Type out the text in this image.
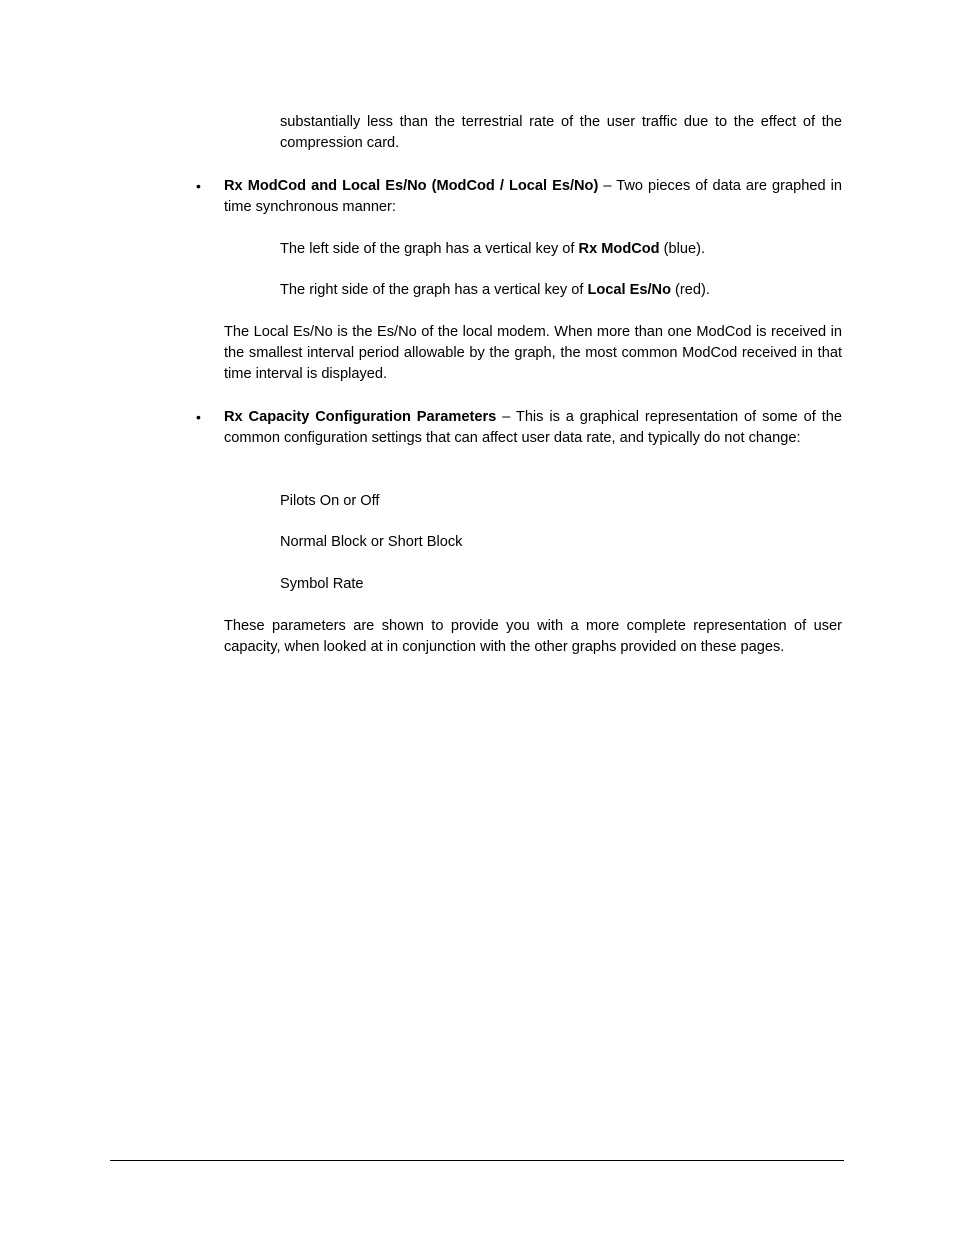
substantially less than the terrestrial rate of the user traffic due to the effect of the compression card.

•	Rx ModCod and Local Es/No (ModCod / Local Es/No) – Two pieces of data are graphed in time synchronous manner:

The left side of the graph has a vertical key of Rx ModCod (blue).

The right side of the graph has a vertical key of Local Es/No (red).

The Local Es/No is the Es/No of the local modem. When more than one ModCod is received in the smallest interval period allowable by the graph, the most common ModCod received in that time interval is displayed.

•	Rx Capacity Configuration Parameters – This is a graphical representation of some of the common configuration settings that can affect user data rate, and typically do not change:

Pilots On or Off

Normal Block or Short Block

Symbol Rate

These parameters are shown to provide you with a more complete representation of user capacity, when looked at in conjunction with the other graphs provided on these pages.
